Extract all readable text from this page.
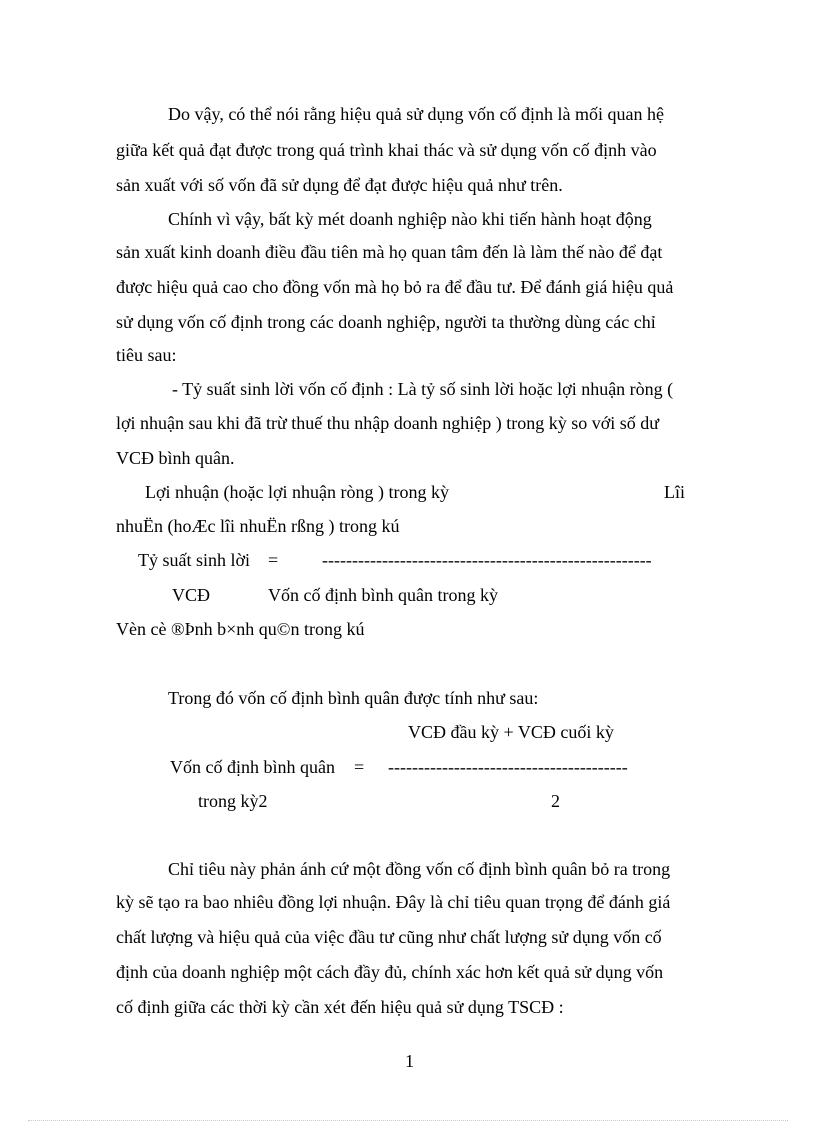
Do vậy, có thể nói rằng hiệu quả sử dụng vốn cố định là mối quan hệ
giữa kết quả đạt được trong quá trình khai thác và sử dụng vốn cố định vào
sản xuất với số vốn đã sử dụng để đạt được hiệu quả như trên.
Chính vì vậy, bất kỳ mét doanh nghiệp nào khi tiến hành hoạt động
sản xuất kinh doanh điều đầu tiên mà họ quan tâm đến là làm thế nào để đạt
được hiệu quả cao cho đồng vốn mà họ bỏ ra để đầu tư. Để đánh giá hiệu quả
sử dụng vốn cố định trong các doanh nghiệp, người ta thường dùng các chỉ
tiêu sau:
- Tỷ suất sinh lời vốn cố định : Là tỷ số sinh lời hoặc lợi nhuận ròng (
lợi nhuận sau khi đã trừ thuế thu nhập doanh nghiệp ) trong kỳ so với số dư
VCĐ bình quân.
Lợi nhuận (hoặc lợi nhuận ròng ) trong kỳ	Lîi
nhuËn (hoÆc lîi nhuËn rßng ) trong kú
Tỷ suất sinh lời = -------------------------------------------------------
VCĐ	Vốn cố định bình quân trong kỳ
Vèn cè ®Þnh b×nh qu©n trong kú
Trong đó vốn cố định bình quân được tính như sau:
VCĐ đầu kỳ + VCĐ cuối kỳ
Vốn cố định bình quân = ----------------------------------------
trong kỳ2	2
Chỉ tiêu này phản ánh cứ một đồng vốn cố định bình quân bỏ ra trong
kỳ sẽ tạo ra bao nhiêu đồng lợi nhuận. Đây là chỉ tiêu quan trọng để đánh giá
chất lượng và hiệu quả của việc đầu tư cũng như chất lượng sử dụng vốn cố
định của doanh nghiệp một cách đầy đủ, chính xác hơn kết quả sử dụng vốn
cố định giữa các thời kỳ cần xét đến hiệu quả sử dụng TSCĐ :
1
